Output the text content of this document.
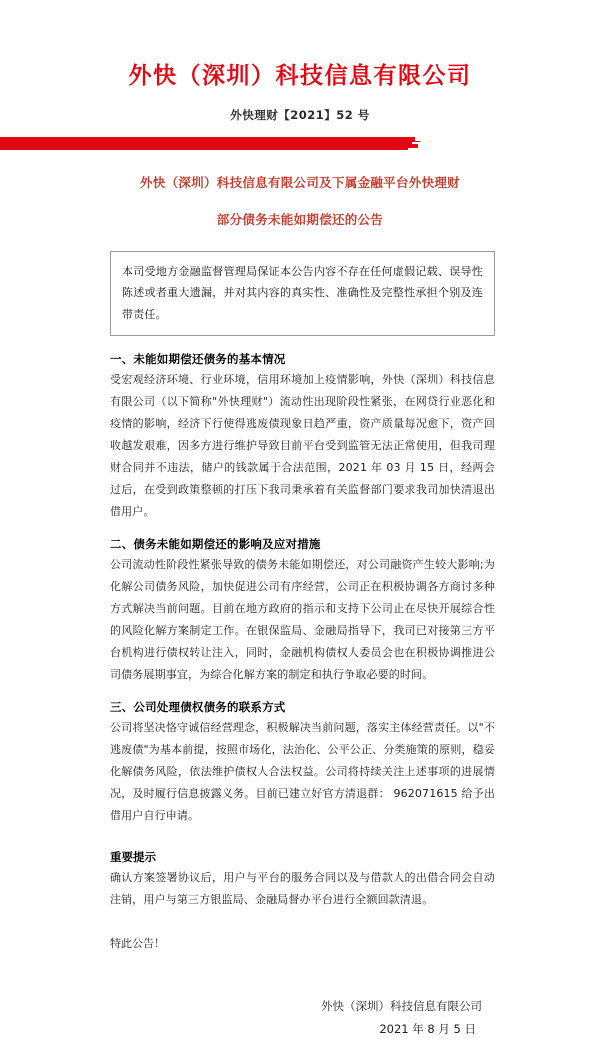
外快（深圳）科技信息有限公司
外快理财【2021】52 号
外快（深圳）科技信息有限公司及下属金融平台外快理财
部分债务未能如期偿还的公告
本司受地方金融监督管理局保证本公告内容不存在任何虚假记载、误导性陈述或者重大遗漏，并对其内容的真实性、准确性及完整性承担个别及连带责任。
一、未能如期偿还债务的基本情况
受宏观经济环境、行业环境，信用环境加上疫情影响，外快（深圳）科技信息有限公司（以下简称"外快理财"）流动性出现阶段性紧张，在网贷行业恶化和疫情的影响，经济下行使得逃废债现象日趋严重，资产质量每况愈下，资产回收越发艰难，因多方进行维护导致目前平台受到监管无法正常使用，但我司理财合同并不违法，储户的钱款属于合法范围，2021 年 03 月 15 日，经两会过后，在受到政策整顿的打压下我司秉承着有关监督部门要求我司加快清退出借用户。
二、债务未能如期偿还的影响及应对措施
公司流动性阶段性紧张导致的债务未能如期偿还，对公司融资产生较大影响;为化解公司债务风险，加快促进公司有序经营，公司正在积极协调各方商讨多种方式解决当前问题。目前在地方政府的指示和支持下公司止在尽快开展综合性的风险化解方案制定工作。在银保监局、金融局指导下，我司已对接第三方平台机构进行债权转让注入，同时，金融机构债权人委员会也在积极协调推进公司债务展期事宜，为综合化解方案的制定和执行争取必要的时间。
三、公司处理债权债务的联系方式
公司将坚决恪守诚信经营理念，积极解决当前问题，落实主体经营责任。以"不逃废债"为基本前提，按照市场化，法治化、公平公正、分类施策的原则，稳妥化解债务风险，依法维护债权人合法权益。公司将持续关注上述事项的进展情况，及时履行信息披露义务。目前已建立好官方清退群： 962071615 给予出借用户自行申请。
重要提示
确认方案签署协议后，用户与平台的服务合同以及与借款人的出借合同会自动注销，用户与第三方银监局、金融局督办平台进行全额回款清退。
特此公告！
外快（深圳）科技信息有限公司
2021 年 8 月 5 日
